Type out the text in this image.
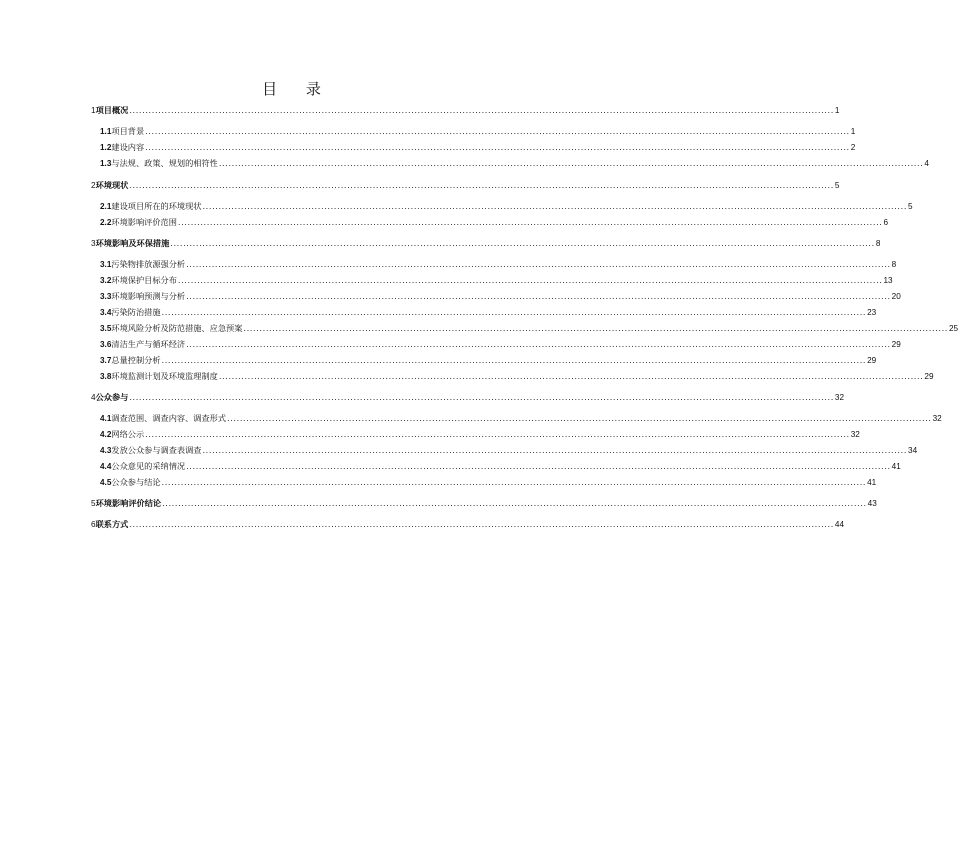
目 录
1 项目概况 ............................................................................................................................................................................................................................ 1
1.1 项目背景 ............................................................................................................................................................................................................................ 1
1.2 建设内容 ............................................................................................................................................................................................................................ 2
1.3 与法规、政策、规划的相符性 ............................................................................................................................................................................................................................ 4
2 环境现状 ............................................................................................................................................................................................................................ 5
2.1 建设项目所在的环境现状 ............................................................................................................................................................................................................................ 5
2.2 环境影响评价范围 ............................................................................................................................................................................................................................ 6
3 环境影响及环保措施 ............................................................................................................................................................................................................................ 8
3.1 污染物排放源强分析 ............................................................................................................................................................................................................................ 8
3.2 环境保护目标分布 ............................................................................................................................................................................................................................ 13
3.3 环境影响预测与分析 ............................................................................................................................................................................................................................ 20
3.4 污染防治措施 ............................................................................................................................................................................................................................ 23
3.5 环境风险分析及防范措施、应急预案 ............................................................................................................................................................................................................................ 25
3.6 清洁生产与循环经济 ............................................................................................................................................................................................................................ 29
3.7 总量控制分析 ............................................................................................................................................................................................................................ 29
3.8 环境监测计划及环境监理制度 ............................................................................................................................................................................................................................ 29
4 公众参与 ............................................................................................................................................................................................................................ 32
4.1 调查范围、调查内容、调查形式 ............................................................................................................................................................................................................................ 32
4.2 网络公示 ............................................................................................................................................................................................................................ 32
4.3 发放公众参与调查表调查 ............................................................................................................................................................................................................................ 34
4.4 公众意见的采纳情况 ............................................................................................................................................................................................................................ 41
4.5 公众参与结论 ............................................................................................................................................................................................................................ 41
5 环境影响评价结论 ............................................................................................................................................................................................................................ 43
6 联系方式 ............................................................................................................................................................................................................................ 44
